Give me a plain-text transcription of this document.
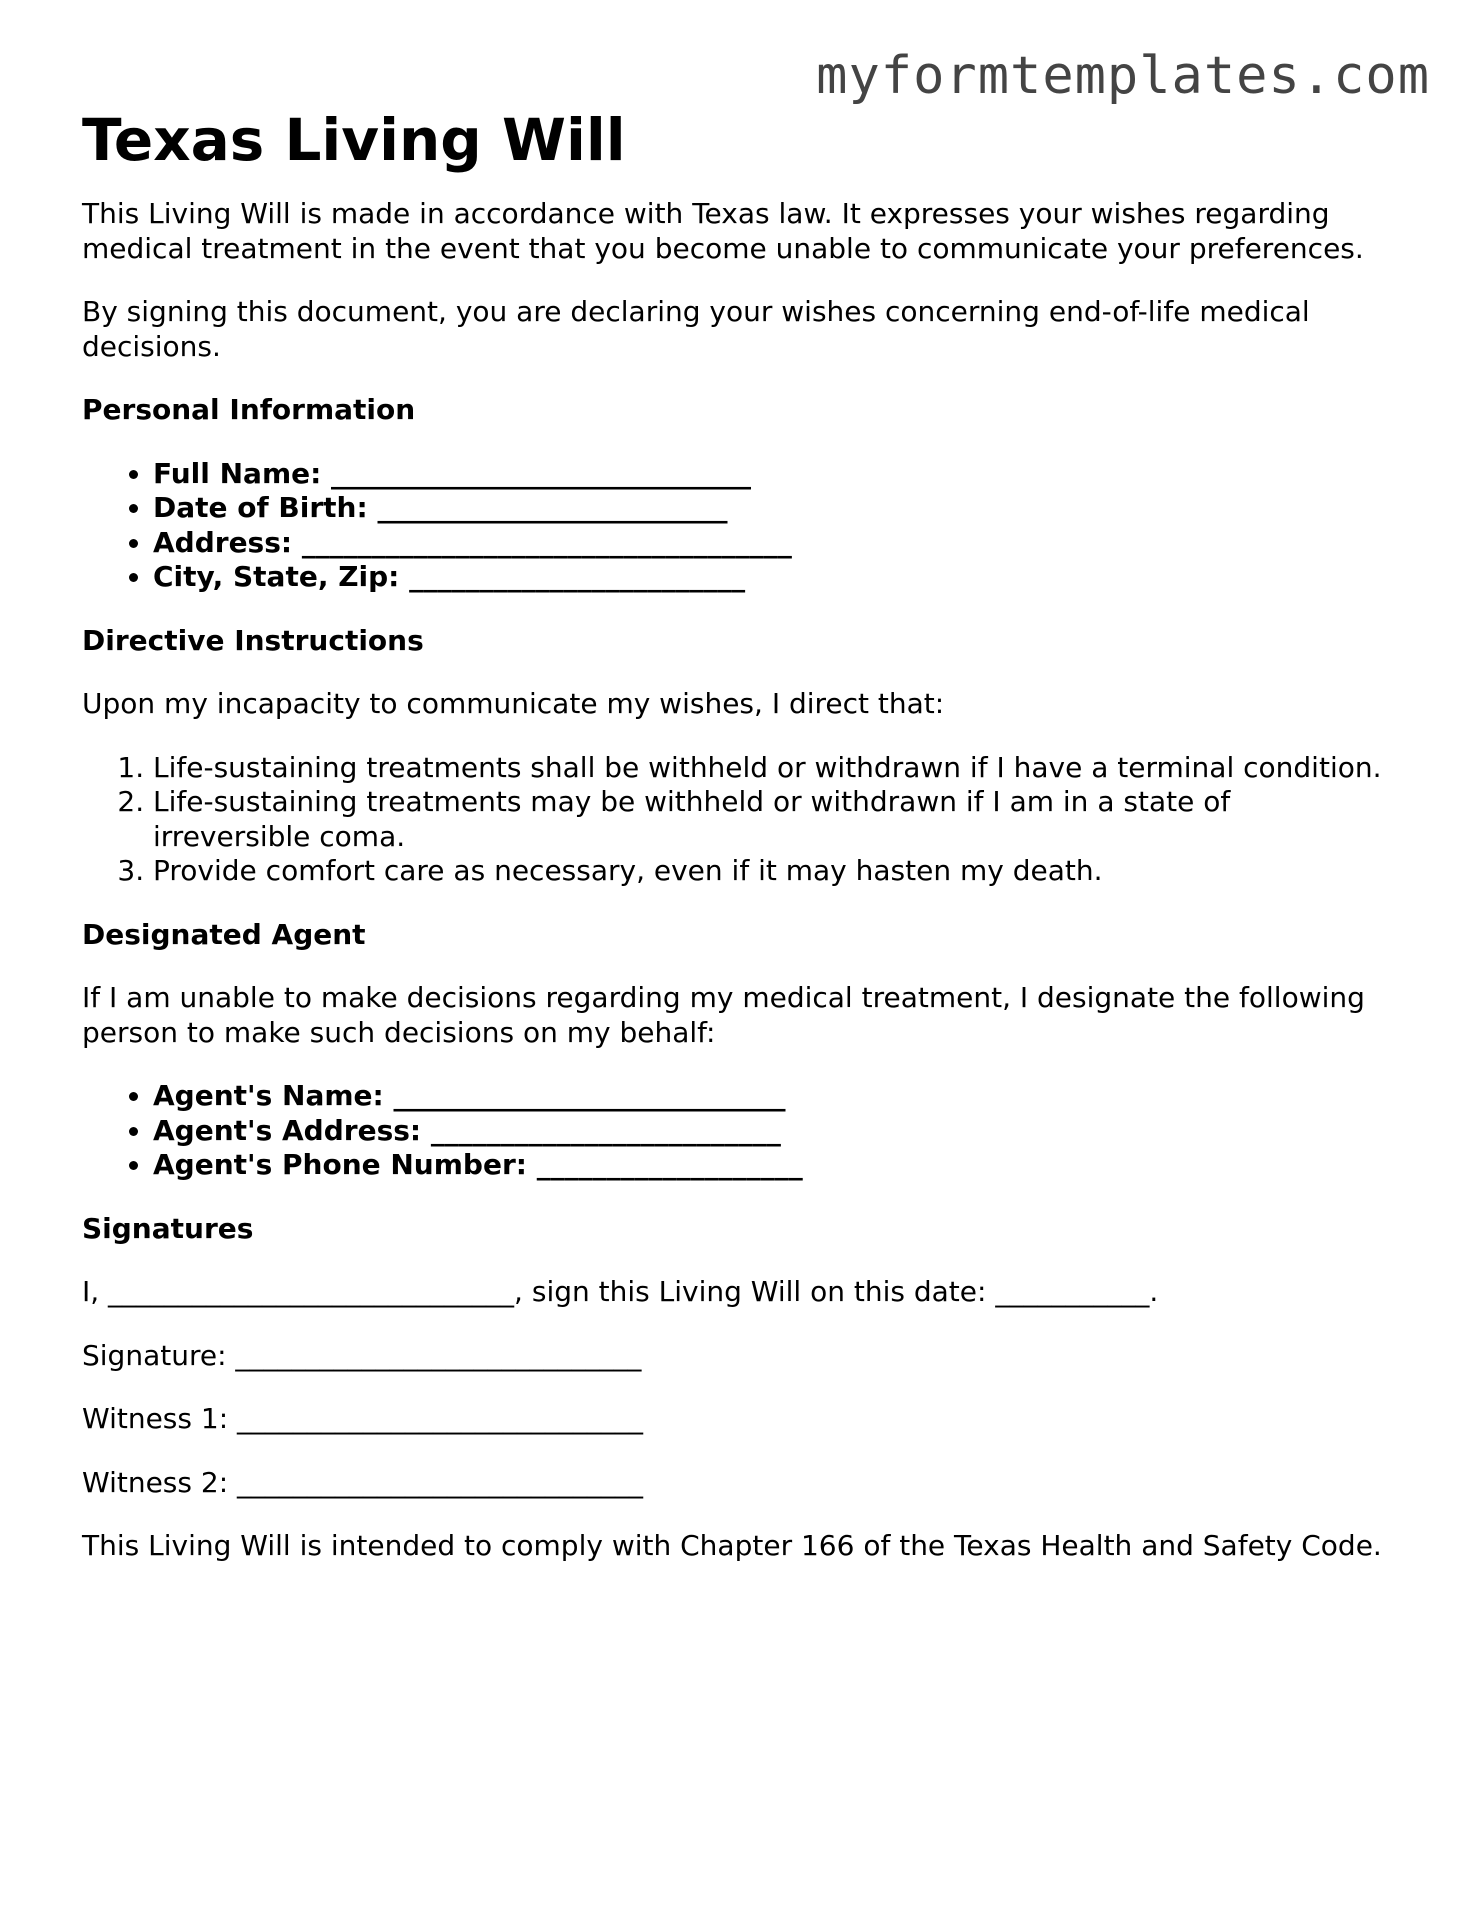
myformtemplates.com
Texas Living Will

This Living Will is made in accordance with Texas law. It expresses your wishes regarding medical treatment in the event that you become unable to communicate your preferences.

By signing this document, you are declaring your wishes concerning end-of-life medical decisions.

Personal Information
• Full Name: ______________________________
• Date of Birth: _________________________
• Address: ___________________________________
• City, State, Zip: ________________________
Directive Instructions

Upon my incapacity to communicate my wishes, I direct that:

1. Life-sustaining treatments shall be withheld or withdrawn if I have a terminal condition.
2. Life-sustaining treatments may be withheld or withdrawn if I am in a state of irreversible coma.
3. Provide comfort care as necessary, even if it may hasten my death.
Designated Agent

If I am unable to make decisions regarding my medical treatment, I designate the following person to make such decisions on my behalf:

• Agent's Name: ____________________________
• Agent's Address: _________________________
• Agent's Phone Number: ___________________
Signatures

I, _____________________________, sign this Living Will on this date: ___________.

Signature: _____________________________

Witness 1: _____________________________

Witness 2: _____________________________

This Living Will is intended to comply with Chapter 166 of the Texas Health and Safety Code.
